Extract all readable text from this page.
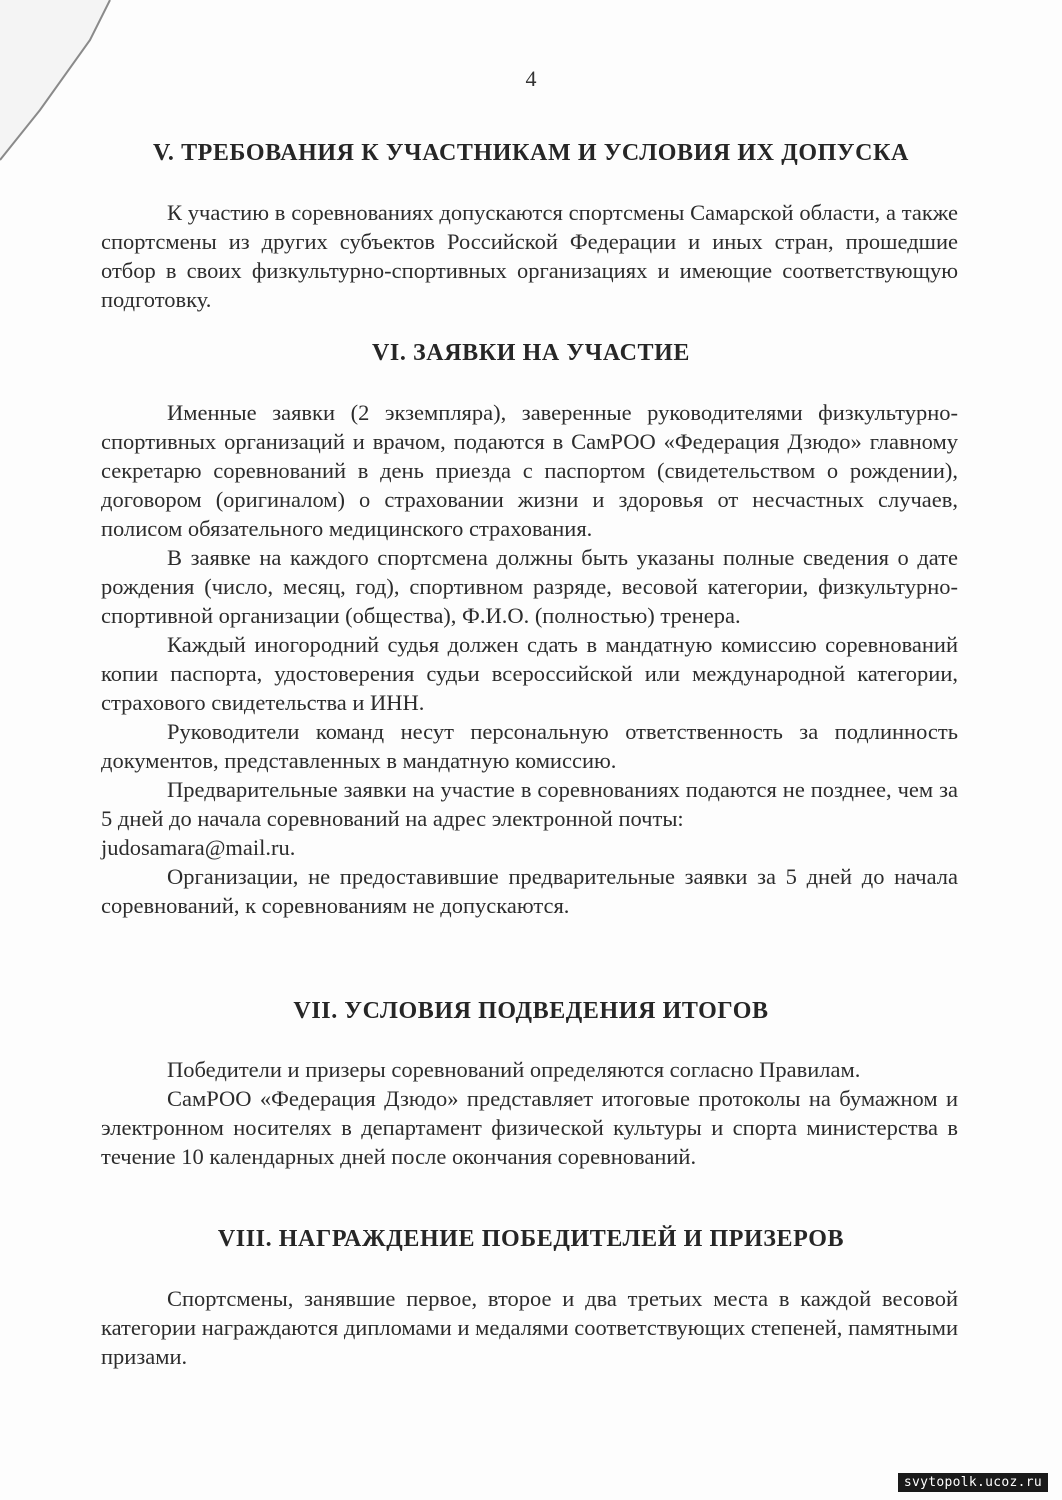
4
V. ТРЕБОВАНИЯ К УЧАСТНИКАМ И УСЛОВИЯ ИХ ДОПУСКА

К участию в соревнованиях допускаются спортсмены Самарской области, а также спортсмены из других субъектов Российской Федерации и иных стран, прошедшие отбор в своих физкультурно-спортивных организациях и имеющие соответствующую подготовку.

VI. ЗАЯВКИ НА УЧАСТИЕ

Именные заявки (2 экземпляра), заверенные руководителями физкультурно-спортивных организаций и врачом, подаются в СамРОО «Федерация Дзюдо» главному секретарю соревнований в день приезда с паспортом (свидетельством о рождении), договором (оригиналом) о страховании жизни и здоровья от несчастных случаев, полисом обязательного медицинского страхования.

В заявке на каждого спортсмена должны быть указаны полные сведения о дате рождения (число, месяц, год), спортивном разряде, весовой категории, физкультурно-спортивной организации (общества), Ф.И.О. (полностью) тренера.

Каждый иногородний судья должен сдать в мандатную комиссию соревнований копии паспорта, удостоверения судьи всероссийской или международной категории, страхового свидетельства и ИНН.

Руководители команд несут персональную ответственность за подлинность документов, представленных в мандатную комиссию.

Предварительные заявки на участие в соревнованиях подаются не позднее, чем за 5 дней до начала соревнований на адрес электронной почты:

judosamara@mail.ru.

Организации, не предоставившие предварительные заявки за 5 дней до начала соревнований, к соревнованиям не допускаются.

VII. УСЛОВИЯ ПОДВЕДЕНИЯ ИТОГОВ

Победители и призеры соревнований определяются согласно Правилам.

СамРОО «Федерация Дзюдо» представляет итоговые протоколы на бумажном и электронном носителях в департамент физической культуры и спорта министерства в течение 10 календарных дней после окончания соревнований.

VIII. НАГРАЖДЕНИЕ ПОБЕДИТЕЛЕЙ И ПРИЗЕРОВ

Спортсмены, занявшие первое, второе и два третьих места в каждой весовой категории награждаются дипломами и медалями соответствующих степеней, памятными призами.

svytopolk.ucoz.ru
